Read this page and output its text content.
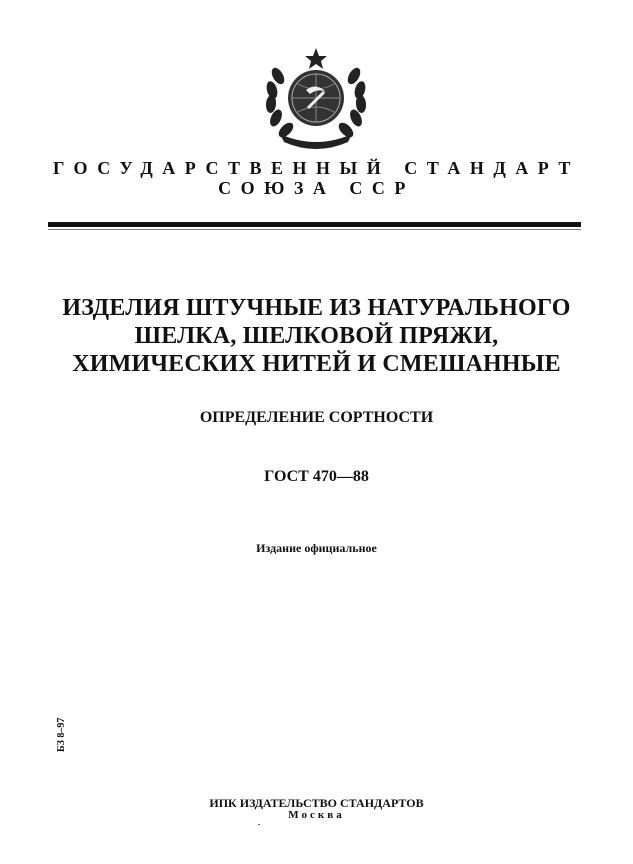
ГОСУДАРСТВЕННЫЙ СТАНДАРТ
СОЮЗА ССР
ИЗДЕЛИЯ ШТУЧНЫЕ ИЗ НАТУРАЛЬНОГО
ШЕЛКА, ШЕЛКОВОЙ ПРЯЖИ,
ХИМИЧЕСКИХ НИТЕЙ И СМЕШАННЫЕ
ОПРЕДЕЛЕНИЕ СОРТНОСТИ
ГОСТ 470—88
Издание официальное
БЗ 8–97
ИПК ИЗДАТЕЛЬСТВО СТАНДАРТОВ
Москва
